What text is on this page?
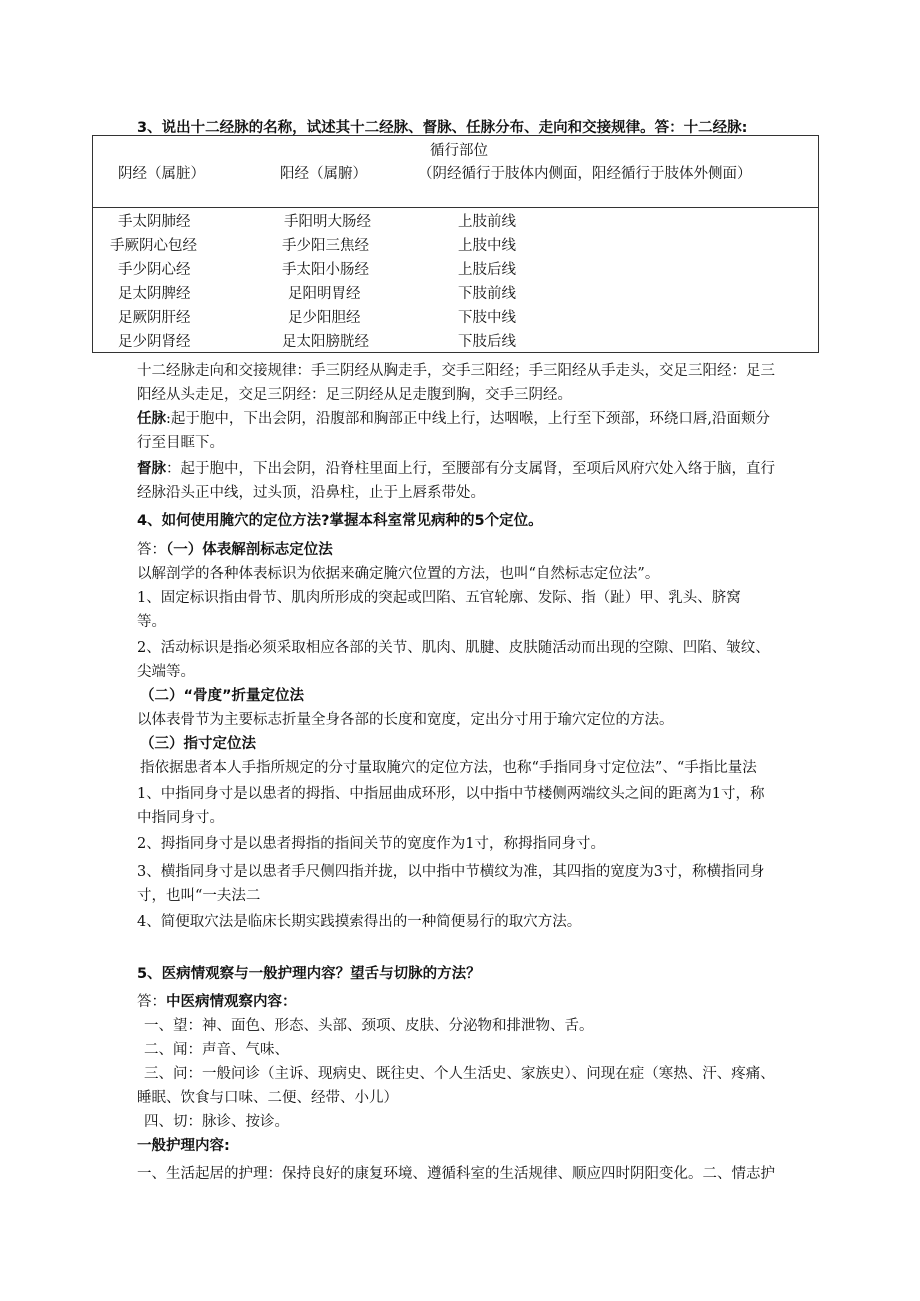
3、说出十二经脉的名称，试述其十二经脉、督脉、任脉分布、走向和交接规律。答：十二经脉:
阴经（属脏）	阳经（属腑）
循行部位
（阴经循行于肢体内侧面，阳经循行于肢体外侧面）
手太阴肺经	手阳明大肠经	上肢前线
手厥阴心包经	手少阳三焦经	上肢中线
手少阴心经	手太阳小肠经	上肢后线
足太阴脾经	足阳明胃经	下肢前线
足厥阴肝经	足少阳胆经	下肢中线
足少阴肾经	足太阳膀胱经	下肢后线
十二经脉走向和交接规律：手三阴经从胸走手，交手三阳经；手三阳经从手走头，交足三阳经：足三
阳经从头走足，交足三阴经：足三阴经从足走腹到胸，交手三阴经。
任脉:起于胞中，下出会阴，沿腹部和胸部正中线上行，达咽喉，上行至下颈部，环绕口唇,沿面颊分
行至目眶下。
督脉：起于胞中，下出会阴，沿脊柱里面上行，至腰部有分支属肾，至项后风府穴处入络于脑，直行
经脉沿头正中线，过头顶，沿鼻柱，止于上唇系带处。
4、如何使用腌穴的定位方法?掌握本科室常见病种的5个定位。
答：（一）体表解剖标志定位法
以解剖学的各种体表标识为依据来确定腌穴位置的方法，也叫“自然标志定位法”。
1、固定标识指由骨节、肌肉所形成的突起或凹陷、五官轮廓、发际、指（趾）甲、乳头、脐窝
等。
2、活动标识是指必须采取相应各部的关节、肌肉、肌腱、皮肤随活动而出现的空隙、凹陷、皱纹、
尖端等。
（二）“骨度”折量定位法
以体表骨节为主要标志折量全身各部的长度和宽度，定出分寸用于瑜穴定位的方法。
（三）指寸定位法
指依据患者本人手指所规定的分寸量取腌穴的定位方法，也称“手指同身寸定位法”、“手指比量法
1、中指同身寸是以患者的拇指、中指屈曲成环形，以中指中节楼侧两端纹头之间的距离为1寸，称
中指同身寸。
2、拇指同身寸是以患者拇指的指间关节的宽度作为1寸，称拇指同身寸。
3、横指同身寸是以患者手尺侧四指并拢，以中指中节横纹为准，其四指的宽度为3寸，称横指同身
寸，也叫“一夫法二
4、简便取穴法是临床长期实践摸索得出的一种简便易行的取穴方法。
5、医病情观察与一般护理内容？望舌与切脉的方法？
答：中医病情观察内容：
一、望：神、面色、形态、头部、颈项、皮肤、分泌物和排泄物、舌。
二、闻：声音、气味、
三、问：一般问诊（主诉、现病史、既往史、个人生活史、家族史）、问现在症（寒热、汗、疼痛、
睡眠、饮食与口味、二便、经带、小儿）
四、切：脉诊、按诊。
一般护理内容:
一、生活起居的护理：保持良好的康复环境、遵循科室的生活规律、顺应四时阴阳变化。二、情志护
